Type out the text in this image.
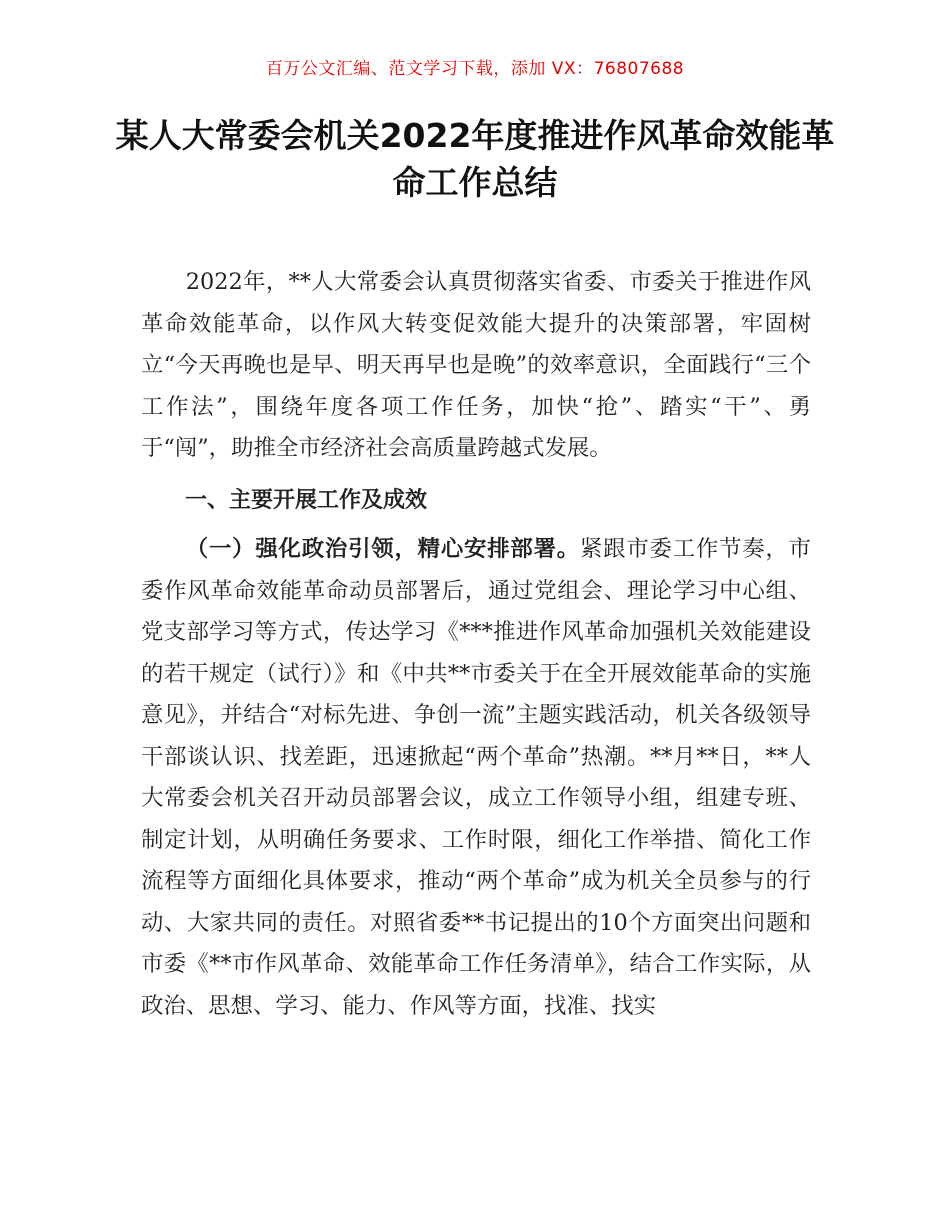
百万公文汇编、范文学习下载，添加 VX：76807688
某人大常委会机关2022年度推进作风革命效能革命工作总结

2022年，**人大常委会认真贯彻落实省委、市委关于推进作风革命效能革命，以作风大转变促效能大提升的决策部署，牢固树立“今天再晚也是早、明天再早也是晚”的效率意识，全面践行“三个工作法”，围绕年度各项工作任务，加快“抢”、踏实“干”、勇于“闯”，助推全市经济社会高质量跨越式发展。

一、主要开展工作及成效

（一）强化政治引领，精心安排部署。紧跟市委工作节奏，市委作风革命效能革命动员部署后，通过党组会、理论学习中心组、党支部学习等方式，传达学习《***推进作风革命加强机关效能建设的若干规定（试行）》和《中共**市委关于在全开展效能革命的实施意见》，并结合“对标先进、争创一流”主题实践活动，机关各级领导干部谈认识、找差距，迅速掀起“两个革命”热潮。**月**日，**人大常委会机关召开动员部署会议，成立工作领导小组，组建专班、制定计划，从明确任务要求、工作时限，细化工作举措、简化工作流程等方面细化具体要求，推动“两个革命”成为机关全员参与的行动、大家共同的责任。对照省委**书记提出的10个方面突出问题和市委《**市作风革命、效能革命工作任务清单》，结合工作实际，从政治、思想、学习、能力、作风等方面，找准、找实
